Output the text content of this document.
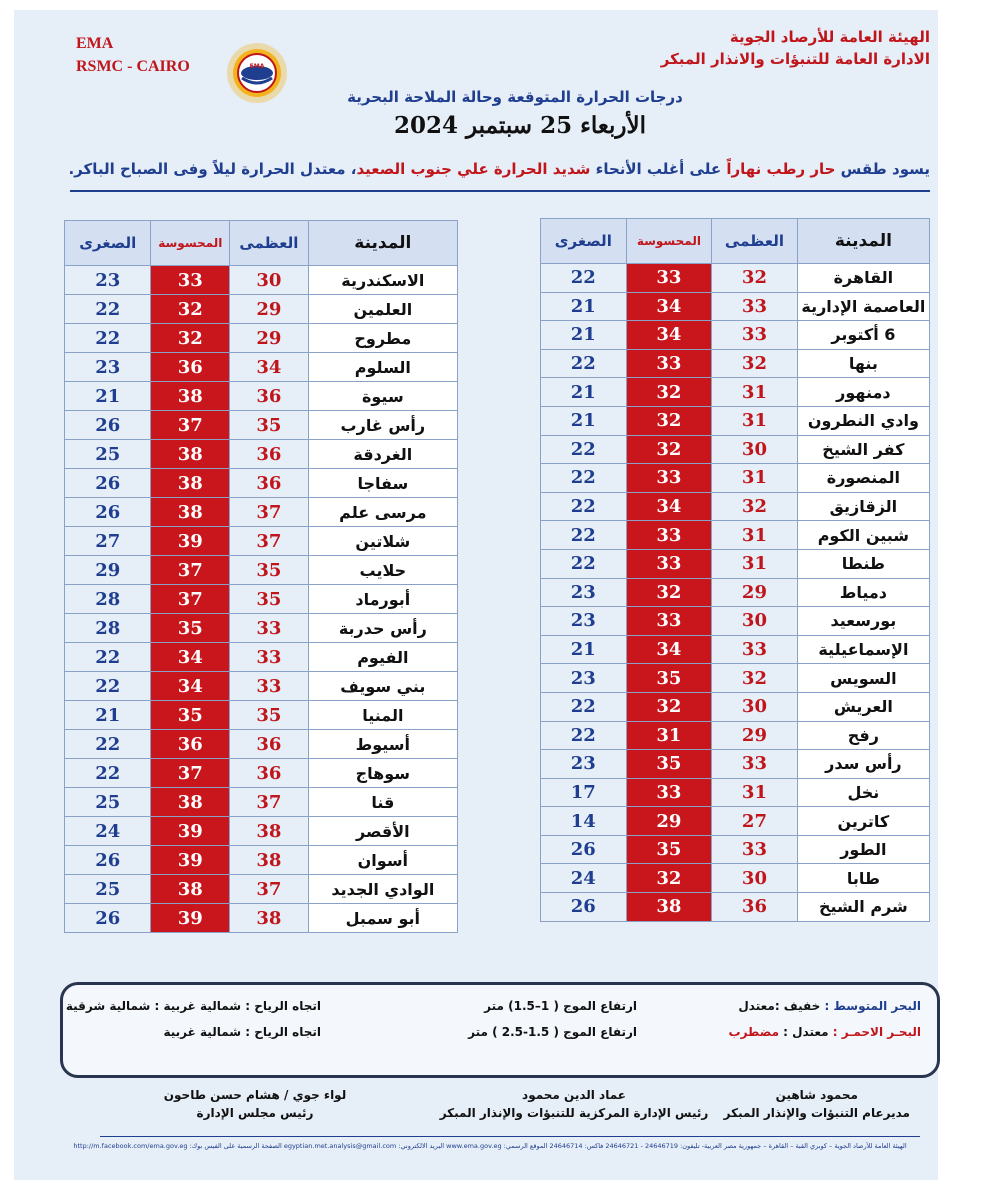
EMA
RSMC - CAIRO	EMA
الهيئة العامة للأرصاد الجوية
الادارة العامة للتنبؤات والانذار المبكر
درجات الحرارة المتوقعة وحالة الملاحة البحرية
الأربعاء 25 سبتمبر 2024
يسود طقس حار رطب نهاراً على أغلب الأنحاء شديد الحرارة علي جنوب الصعيد، معتدل الحرارة ليلاً وفى الصباح الباكر.
المدينة	العظمى	المحسوسة	الصغرى
القاهرة	32	33	22
العاصمة الإدارية	33	34	21
6 أكتوبر	33	34	21
بنها	32	33	22
دمنهور	31	32	21
وادي النطرون	31	32	21
كفر الشيخ	30	32	22
المنصورة	31	33	22
الزقازيق	32	34	22
شبين الكوم	31	33	22
طنطا	31	33	22
دمياط	29	32	23
بورسعيد	30	33	23
الإسماعيلية	33	34	21
السويس	32	35	23
العريش	30	32	22
رفح	29	31	22
رأس سدر	33	35	23
نخل	31	33	17
كاترين	27	29	14
الطور	33	35	26
طابا	30	32	24
شرم الشيخ	36	38	26
المدينة	العظمى	المحسوسة	الصغرى
الاسكندرية	30	33	23
العلمين	29	32	22
مطروح	29	32	22
السلوم	34	36	23
سيوة	36	38	21
رأس غارب	35	37	26
الغردقة	36	38	25
سفاجا	36	38	26
مرسى علم	37	38	26
شلاتين	37	39	27
حلايب	35	37	29
أبورماد	35	37	28
رأس حدربة	33	35	28
الفيوم	33	34	22
بني سويف	33	34	22
المنيا	35	35	21
أسيوط	36	36	22
سوهاج	36	37	22
قنا	37	38	25
الأقصر	38	39	24
أسوان	38	39	26
الوادي الجديد	37	38	25
أبو سمبل	38	39	26
البحر المتوسط : خفيف :معتدل
البحـر الاحمـر : معتدل : مضطرب
ارتفاع الموج ( 1–1.5) متر
ارتفاع الموج ( 1.5-2.5 ) متر
اتجاه الرياح : شمالية غربية : شمالية شرقية
اتجاه الرياح : شمالية غربية
محمود شاهين
مديرعام التنبؤات والإنذار المبكر
عماد الدين محمود
رئيس الإدارة المركزية للتنبؤات والإنذار المبكر
لواء جوي / هشام حسن طاحون
رئيس مجلس الإدارة
الهيئة العامة للأرصاد الجوية – كوبري القبة – القاهرة – جمهورية مصر العربية- تليفون: 24646719 - 24646721 فاكس: 24646714 الموقع الرسمي: www.ema.gov.eg البريد الالكتروني: egyptian.met.analysis@gmail.com الصفحة الرسمية على الفيس بوك: http://m.facebook.com/ema.gov.eg
